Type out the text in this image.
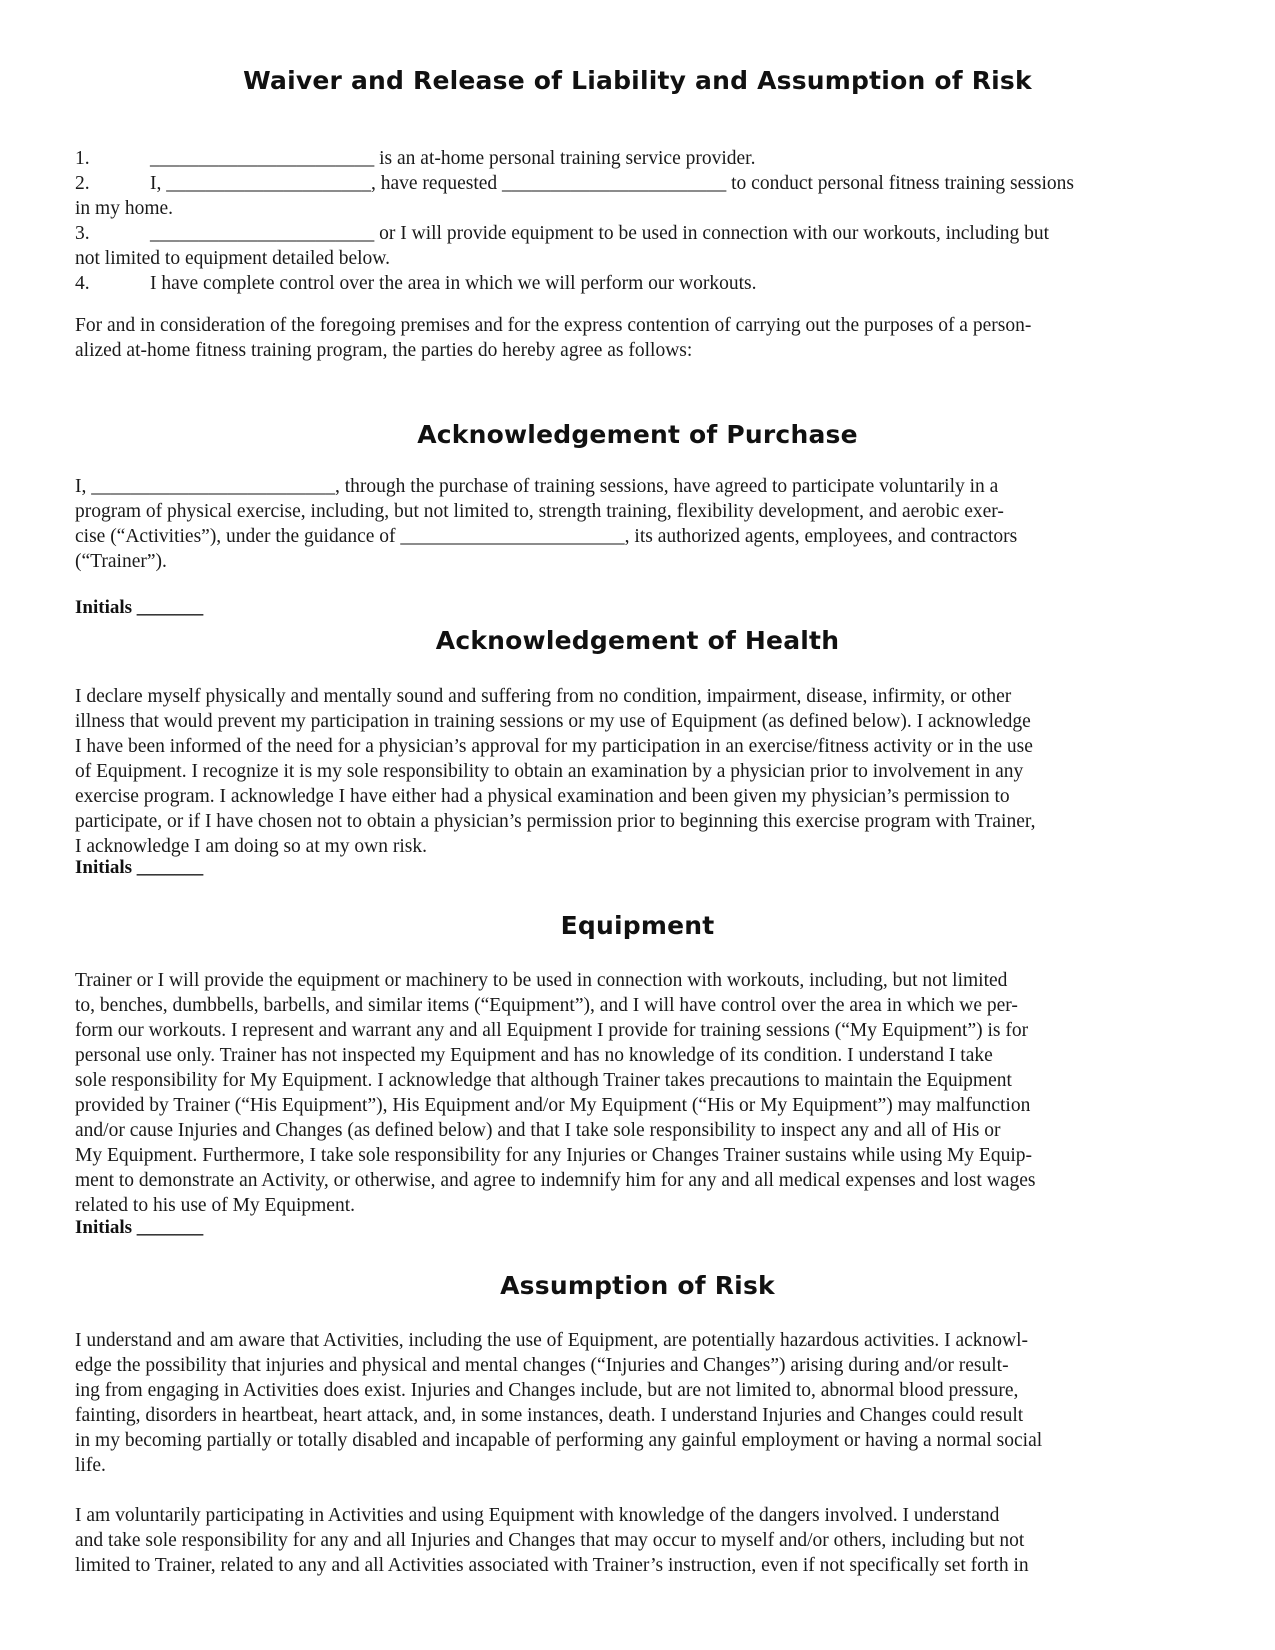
Waiver and Release of Liability and Assumption of Risk
1.	_______________________ is an at-home personal training service provider.
2.	I, _____________________, have requested _______________________ to conduct personal fitness training sessions
in my home.
3.	_______________________ or I will provide equipment to be used in connection with our workouts, including but
not limited to equipment detailed below.
4.	I have complete control over the area in which we will perform our workouts.
For and in consideration of the foregoing premises and for the express contention of carrying out the purposes of a person-
alized at-home fitness training program, the parties do hereby agree as follows:
Acknowledgement of Purchase
I, _________________________, through the purchase of training sessions, have agreed to participate voluntarily in a
program of physical exercise, including, but not limited to, strength training, flexibility development, and aerobic exer-
cise (“Activities”), under the guidance of _______________________, its authorized agents, employees, and contractors
(“Trainer”).
Initials _______
Acknowledgement of Health
I declare myself physically and mentally sound and suffering from no condition, impairment, disease, infirmity, or other
illness that would prevent my participation in training sessions or my use of Equipment (as defined below). I acknowledge
I have been informed of the need for a physician’s approval for my participation in an exercise/fitness activity or in the use
of Equipment. I recognize it is my sole responsibility to obtain an examination by a physician prior to involvement in any
exercise program. I acknowledge I have either had a physical examination and been given my physician’s permission to
participate, or if I have chosen not to obtain a physician’s permission prior to beginning this exercise program with Trainer,
I acknowledge I am doing so at my own risk.
Initials _______
Equipment
Trainer or I will provide the equipment or machinery to be used in connection with workouts, including, but not limited
to, benches, dumbbells, barbells, and similar items (“Equipment”), and I will have control over the area in which we per-
form our workouts. I represent and warrant any and all Equipment I provide for training sessions (“My Equipment”) is for
personal use only. Trainer has not inspected my Equipment and has no knowledge of its condition. I understand I take
sole responsibility for My Equipment. I acknowledge that although Trainer takes precautions to maintain the Equipment
provided by Trainer (“His Equipment”), His Equipment and/or My Equipment (“His or My Equipment”) may malfunction
and/or cause Injuries and Changes (as defined below) and that I take sole responsibility to inspect any and all of His or
My Equipment. Furthermore, I take sole responsibility for any Injuries or Changes Trainer sustains while using My Equip-
ment to demonstrate an Activity, or otherwise, and agree to indemnify him for any and all medical expenses and lost wages
related to his use of My Equipment.
Initials _______
Assumption of Risk
I understand and am aware that Activities, including the use of Equipment, are potentially hazardous activities. I acknowl-
edge the possibility that injuries and physical and mental changes (“Injuries and Changes”) arising during and/or result-
ing from engaging in Activities does exist. Injuries and Changes include, but are not limited to, abnormal blood pressure,
fainting, disorders in heartbeat, heart attack, and, in some instances, death. I understand Injuries and Changes could result
in my becoming partially or totally disabled and incapable of performing any gainful employment or having a normal social
life.
I am voluntarily participating in Activities and using Equipment with knowledge of the dangers involved. I understand
and take sole responsibility for any and all Injuries and Changes that may occur to myself and/or others, including but not
limited to Trainer, related to any and all Activities associated with Trainer’s instruction, even if not specifically set forth in
